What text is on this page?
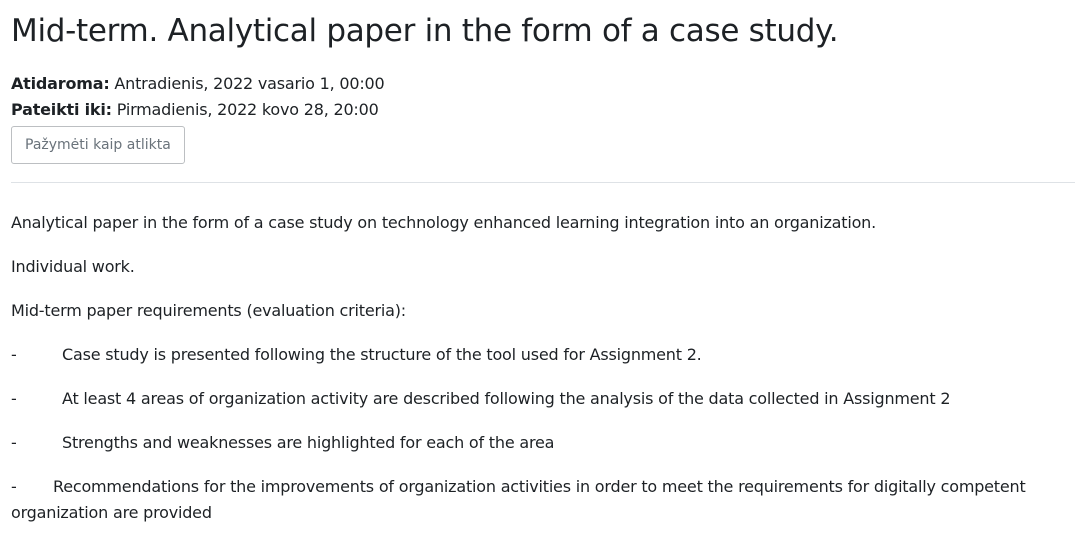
Mid-term. Analytical paper in the form of a case study.
Atidaroma: Antradienis, 2022 vasario 1, 00:00
Pateikti iki: Pirmadienis, 2022 kovo 28, 20:00
Pažymėti kaip atlikta

Analytical paper in the form of a case study on technology enhanced learning integration into an organization.

Individual work.

Mid-term paper requirements (evaluation criteria):

-	Case study is presented following the structure of the tool used for Assignment 2.

-	At least 4 areas of organization activity are described following the analysis of the data collected in Assignment 2

-	Strengths and weaknesses are highlighted for each of the area

- Recommendations for the improvements of organization activities in order to meet the requirements for digitally competent organization are provided
